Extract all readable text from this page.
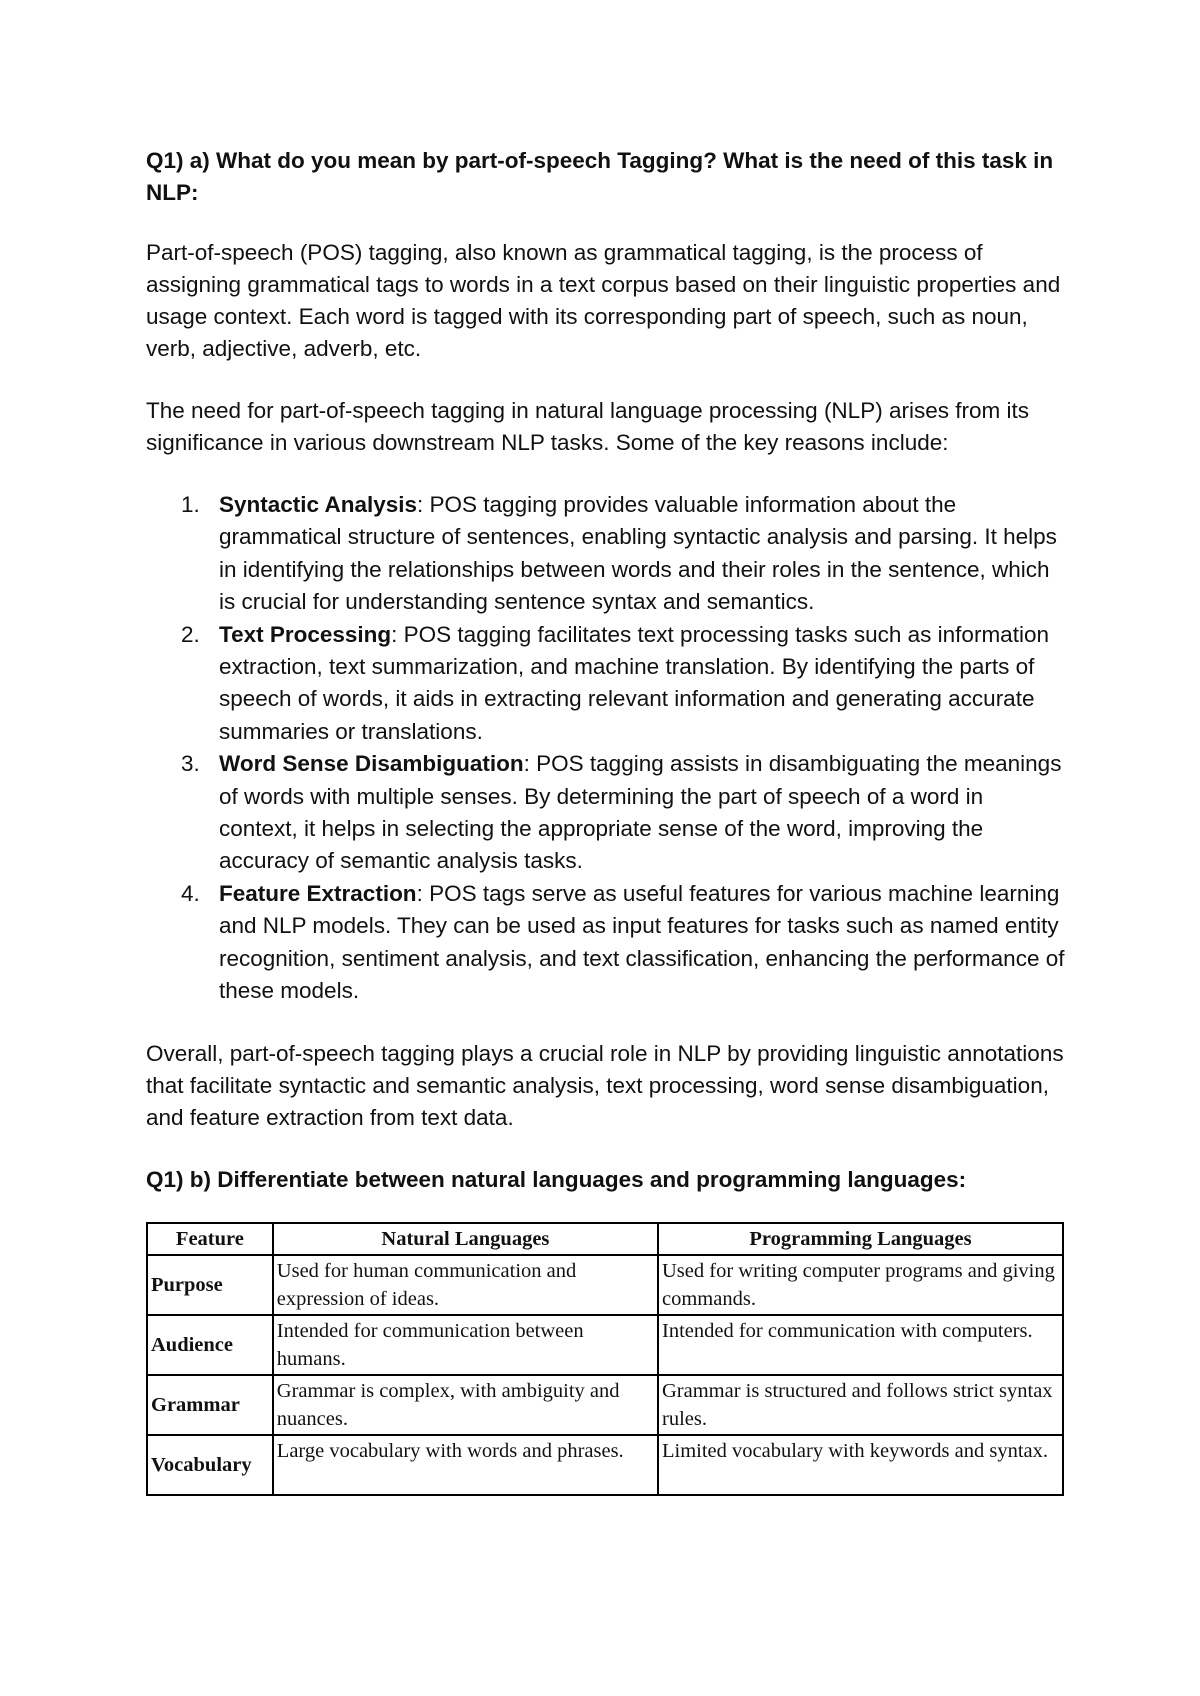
Q1) a) What do you mean by part-of-speech Tagging? What is the need of this task in NLP:

Part-of-speech (POS) tagging, also known as grammatical tagging, is the process of assigning grammatical tags to words in a text corpus based on their linguistic properties and usage context. Each word is tagged with its corresponding part of speech, such as noun, verb, adjective, adverb, etc.

The need for part-of-speech tagging in natural language processing (NLP) arises from its significance in various downstream NLP tasks. Some of the key reasons include:

1. Syntactic Analysis: POS tagging provides valuable information about the grammatical structure of sentences, enabling syntactic analysis and parsing. It helps in identifying the relationships between words and their roles in the sentence, which is crucial for understanding sentence syntax and semantics.
2. Text Processing: POS tagging facilitates text processing tasks such as information extraction, text summarization, and machine translation. By identifying the parts of speech of words, it aids in extracting relevant information and generating accurate summaries or translations.
3. Word Sense Disambiguation: POS tagging assists in disambiguating the meanings of words with multiple senses. By determining the part of speech of a word in context, it helps in selecting the appropriate sense of the word, improving the accuracy of semantic analysis tasks.
4. Feature Extraction: POS tags serve as useful features for various machine learning and NLP models. They can be used as input features for tasks such as named entity recognition, sentiment analysis, and text classification, enhancing the performance of these models.

Overall, part-of-speech tagging plays a crucial role in NLP by providing linguistic annotations that facilitate syntactic and semantic analysis, text processing, word sense disambiguation, and feature extraction from text data.

Q1) b) Differentiate between natural languages and programming languages:
Feature	Natural Languages	Programming Languages
Purpose	Used for human communication and expression of ideas.	Used for writing computer programs and giving commands.
Audience	Intended for communication between humans.	Intended for communication with computers.
Grammar	Grammar is complex, with ambiguity and nuances.	Grammar is structured and follows strict syntax rules.
Vocabulary	Large vocabulary with words and phrases.	Limited vocabulary with keywords and syntax.
